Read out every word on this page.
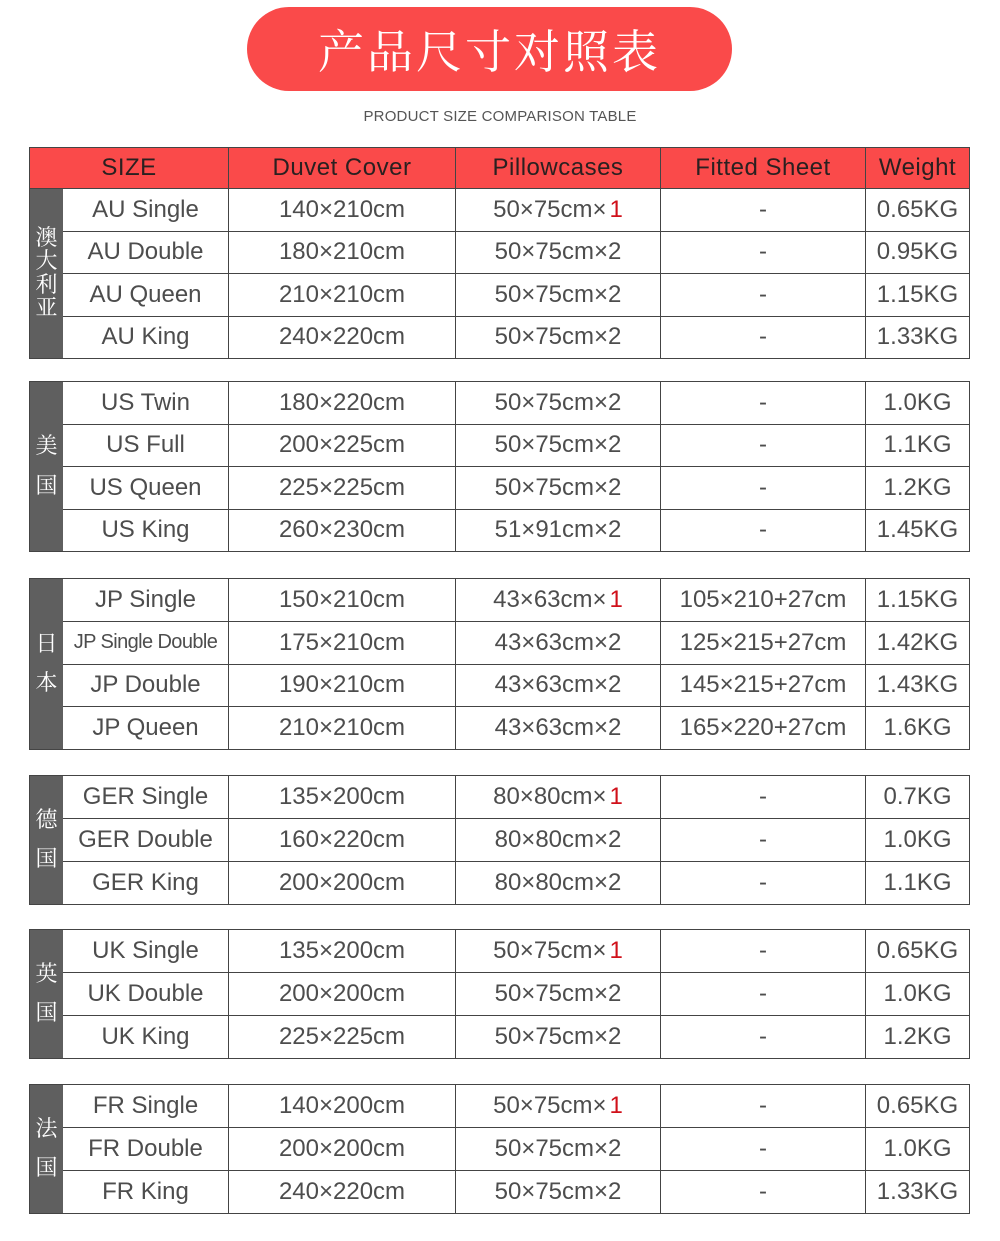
产品尺寸对照表
PRODUCT SIZE COMPARISON TABLE
SIZE	Duvet Cover	Pillowcases	Fitted Sheet	Weight
澳
大
利
亚
AU Single	140×210cm	50×75cm× 1	-	0.65KG
AU Double	180×210cm	50×75cm× 2	-	0.95KG
AU Queen	210×210cm	50×75cm× 2	-	1.15KG
AU King	240×220cm	50×75cm× 2	-	1.33KG
美
国
US Twin	180×220cm	50×75cm× 2	-	1.0KG
US Full	200×225cm	50×75cm× 2	-	1.1KG
US Queen	225×225cm	50×75cm× 2	-	1.2KG
US King	260×230cm	51×91cm× 2	-	1.45KG
日
本
JP Single	150×210cm	43×63cm× 1	105×210+27cm	1.15KG
JP Single Double	175×210cm	43×63cm× 2	125×215+27cm	1.42KG
JP Double	190×210cm	43×63cm× 2	145×215+27cm	1.43KG
JP Queen	210×210cm	43×63cm× 2	165×220+27cm	1.6KG
德
国
GER Single	135×200cm	80×80cm× 1	-	0.7KG
GER Double	160×220cm	80×80cm× 2	-	1.0KG
GER King	200×200cm	80×80cm× 2	-	1.1KG
英
国
UK Single	135×200cm	50×75cm× 1	-	0.65KG
UK Double	200×200cm	50×75cm× 2	-	1.0KG
UK King	225×225cm	50×75cm× 2	-	1.2KG
法
国
FR Single	140×200cm	50×75cm× 1	-	0.65KG
FR Double	200×200cm	50×75cm× 2	-	1.0KG
FR King	240×220cm	50×75cm× 2	-	1.33KG
